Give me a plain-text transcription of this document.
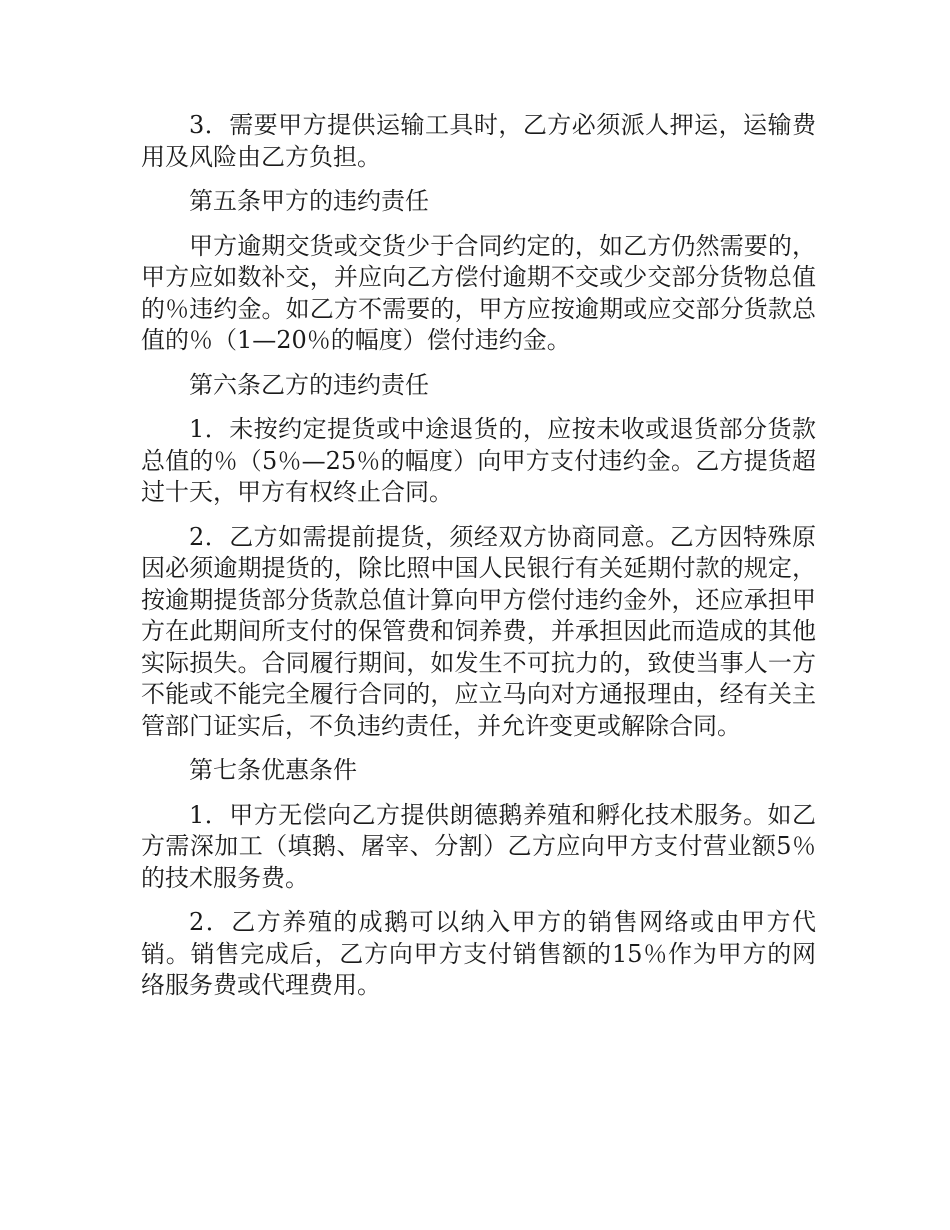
3．需要甲方提供运输工具时，乙方必须派人押运，运输费用及风险由乙方负担。

第五条甲方的违约责任

甲方逾期交货或交货少于合同约定的，如乙方仍然需要的，甲方应如数补交，并应向乙方偿付逾期不交或少交部分货物总值的％违约金。如乙方不需要的，甲方应按逾期或应交部分货款总值的％（1—20％的幅度）偿付违约金。

第六条乙方的违约责任

1．未按约定提货或中途退货的，应按未收或退货部分货款总值的％（5％—25％的幅度）向甲方支付违约金。乙方提货超过十天，甲方有权终止合同。

2．乙方如需提前提货，须经双方协商同意。乙方因特殊原因必须逾期提货的，除比照中国人民银行有关延期付款的规定，按逾期提货部分货款总值计算向甲方偿付违约金外，还应承担甲方在此期间所支付的保管费和饲养费，并承担因此而造成的其他实际损失。合同履行期间，如发生不可抗力的，致使当事人一方不能或不能完全履行合同的，应立马向对方通报理由，经有关主管部门证实后，不负违约责任，并允许变更或解除合同。

第七条优惠条件

1．甲方无偿向乙方提供朗德鹅养殖和孵化技术服务。如乙方需深加工（填鹅、屠宰、分割）乙方应向甲方支付营业额5％的技术服务费。

2．乙方养殖的成鹅可以纳入甲方的销售网络或由甲方代销。销售完成后，乙方向甲方支付销售额的15％作为甲方的网络服务费或代理费用。
